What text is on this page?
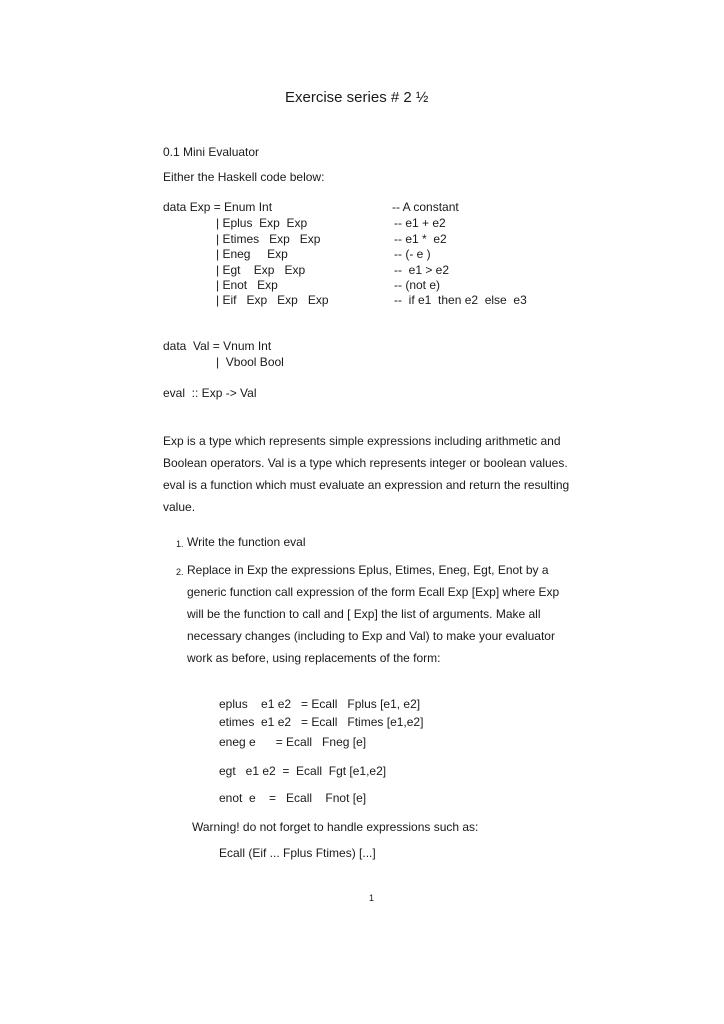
Exercise series # 2 ½
0.1 Mini Evaluator
Either the Haskell code below:
data Exp = Enum Int	-- A constant
| Eplus  Exp  Exp	-- e1 + e2
| Etimes   Exp   Exp	-- e1 *  e2
| Eneg     Exp	-- (- e )
| Egt    Exp   Exp	--  e1 > e2
| Enot   Exp	-- (not e)
| Eif   Exp   Exp   Exp	--  if e1  then e2  else  e3
data  Val = Vnum Int
|  Vbool Bool
eval  :: Exp -> Val
Exp is a type which represents simple expressions including arithmetic and
Boolean operators. Val is a type which represents integer or boolean values.
eval is a function which must evaluate an expression and return the resulting
value.
1. Write the function eval
2. Replace in Exp the expressions Eplus, Etimes, Eneg, Egt, Enot by a
generic function call expression of the form Ecall Exp [Exp] where Exp
will be the function to call and [ Exp] the list of arguments. Make all
necessary changes (including to Exp and Val) to make your evaluator
work as before, using replacements of the form:
eplus    e1 e2   = Ecall   Fplus [e1, e2]
etimes  e1 e2   = Ecall   Ftimes [e1,e2]
eneg e      = Ecall   Fneg [e]
egt   e1 e2  =  Ecall  Fgt [e1,e2]
enot  e    =   Ecall    Fnot [e]
Warning! do not forget to handle expressions such as:
Ecall (Eif ... Fplus Ftimes) [...]
1
